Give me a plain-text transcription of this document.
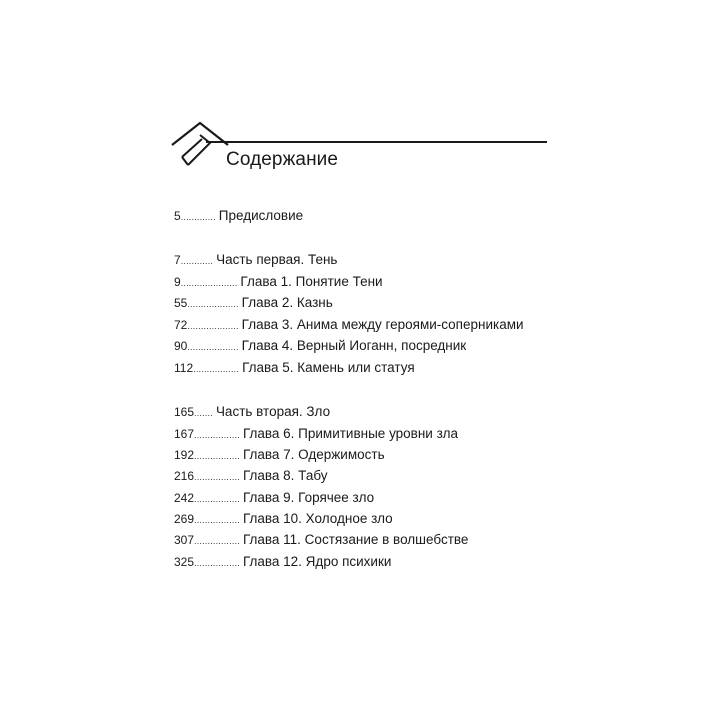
Содержание
5 ............. Предисловие
7 ............ Часть первая. Тень
9 ..................... Глава 1. Понятие Тени
55 ................... Глава 2. Казнь
72 ................... Глава 3. Анима между героями-соперниками
90 ................... Глава 4. Верный Иоганн, посредник
112 ................. Глава 5. Камень или статуя
165 ....... Часть вторая. Зло
167 ................. Глава 6. Примитивные уровни зла
192 ................. Глава 7. Одержимость
216 ................. Глава 8. Табу
242 ................. Глава 9. Горячее зло
269 ................. Глава 10. Холодное зло
307 ................. Глава 11. Состязание в волшебстве
325 ................. Глава 12. Ядро психики
